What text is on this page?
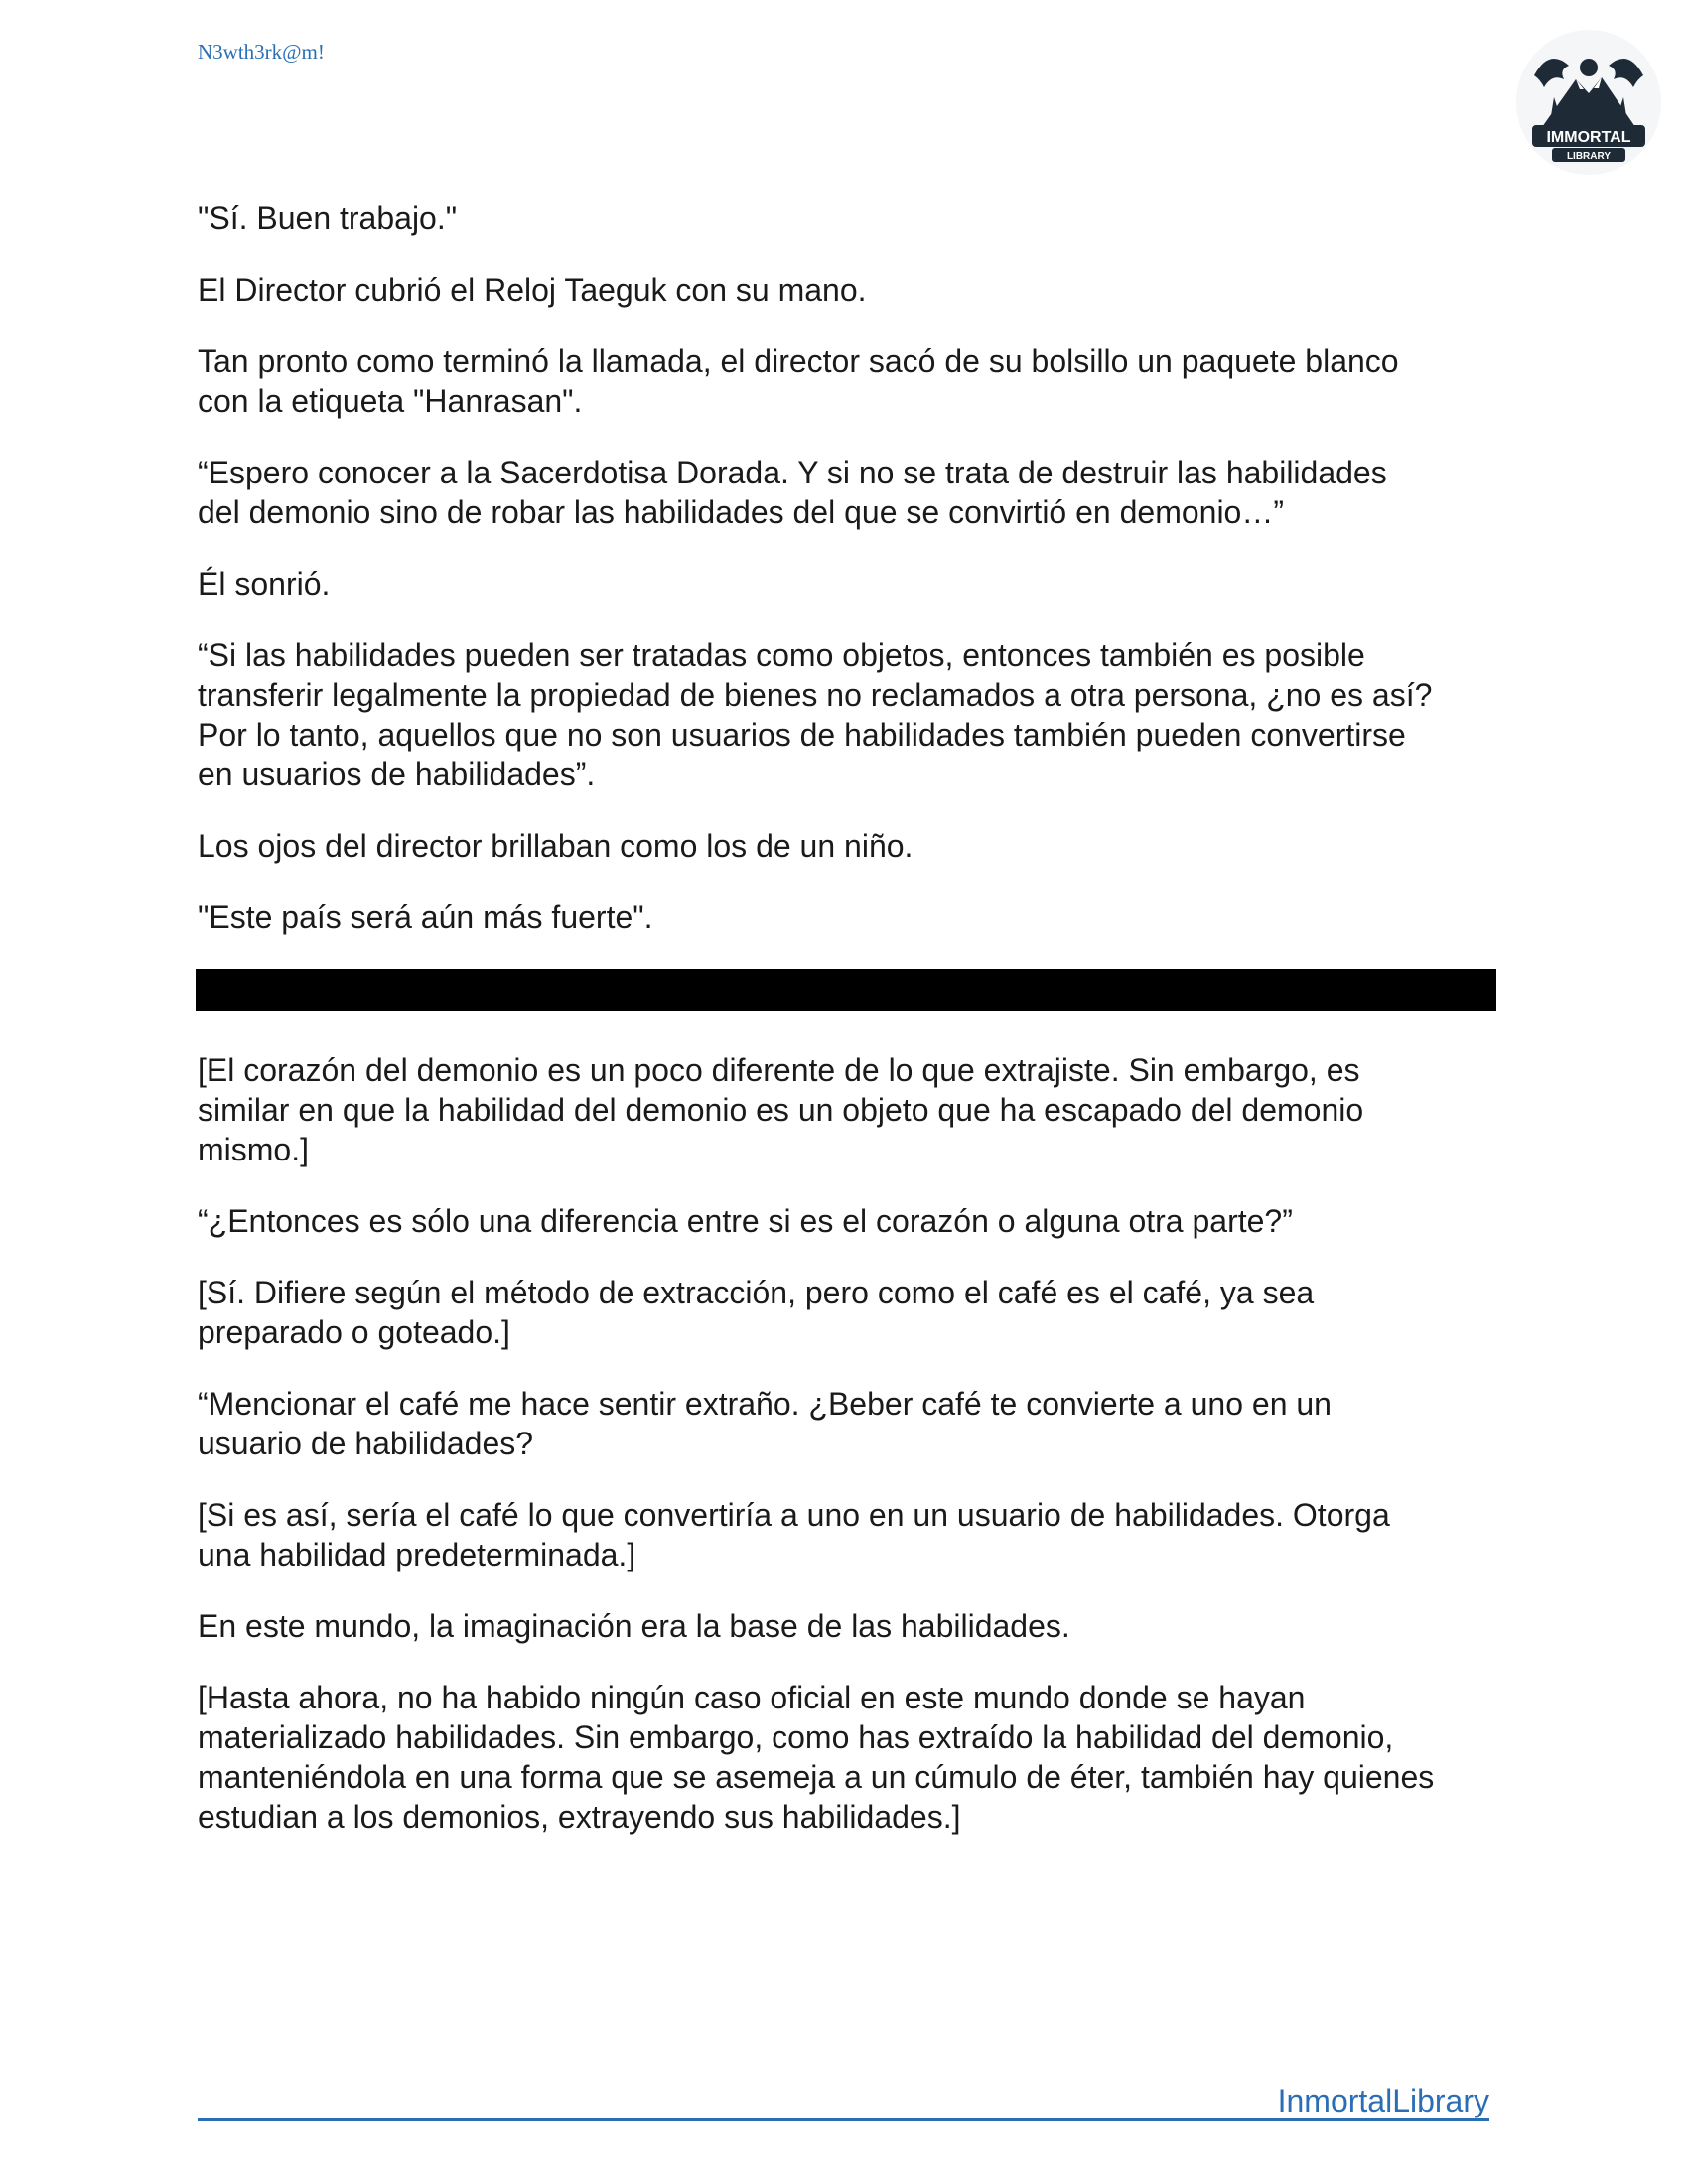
N3wth3rk@m!
IMMORTAL
LIBRARY

"Sí. Buen trabajo."

El Director cubrió el Reloj Taeguk con su mano.

Tan pronto como terminó la llamada, el director sacó de su bolsillo un paquete blanco
con la etiqueta "Hanrasan".

“Espero conocer a la Sacerdotisa Dorada. Y si no se trata de destruir las habilidades
del demonio sino de robar las habilidades del que se convirtió en demonio…”

Él sonrió.

“Si las habilidades pueden ser tratadas como objetos, entonces también es posible
transferir legalmente la propiedad de bienes no reclamados a otra persona, ¿no es así?
Por lo tanto, aquellos que no son usuarios de habilidades también pueden convertirse
en usuarios de habilidades”.

Los ojos del director brillaban como los de un niño.

"Este país será aún más fuerte".

[El corazón del demonio es un poco diferente de lo que extrajiste. Sin embargo, es
similar en que la habilidad del demonio es un objeto que ha escapado del demonio
mismo.]

“¿Entonces es sólo una diferencia entre si es el corazón o alguna otra parte?”

[Sí. Difiere según el método de extracción, pero como el café es el café, ya sea
preparado o goteado.]

“Mencionar el café me hace sentir extraño. ¿Beber café te convierte a uno en un
usuario de habilidades?

[Si es así, sería el café lo que convertiría a uno en un usuario de habilidades. Otorga
una habilidad predeterminada.]

En este mundo, la imaginación era la base de las habilidades.

[Hasta ahora, no ha habido ningún caso oficial en este mundo donde se hayan
materializado habilidades. Sin embargo, como has extraído la habilidad del demonio,
manteniéndola en una forma que se asemeja a un cúmulo de éter, también hay quienes
estudian a los demonios, extrayendo sus habilidades.]

InmortalLibrary
